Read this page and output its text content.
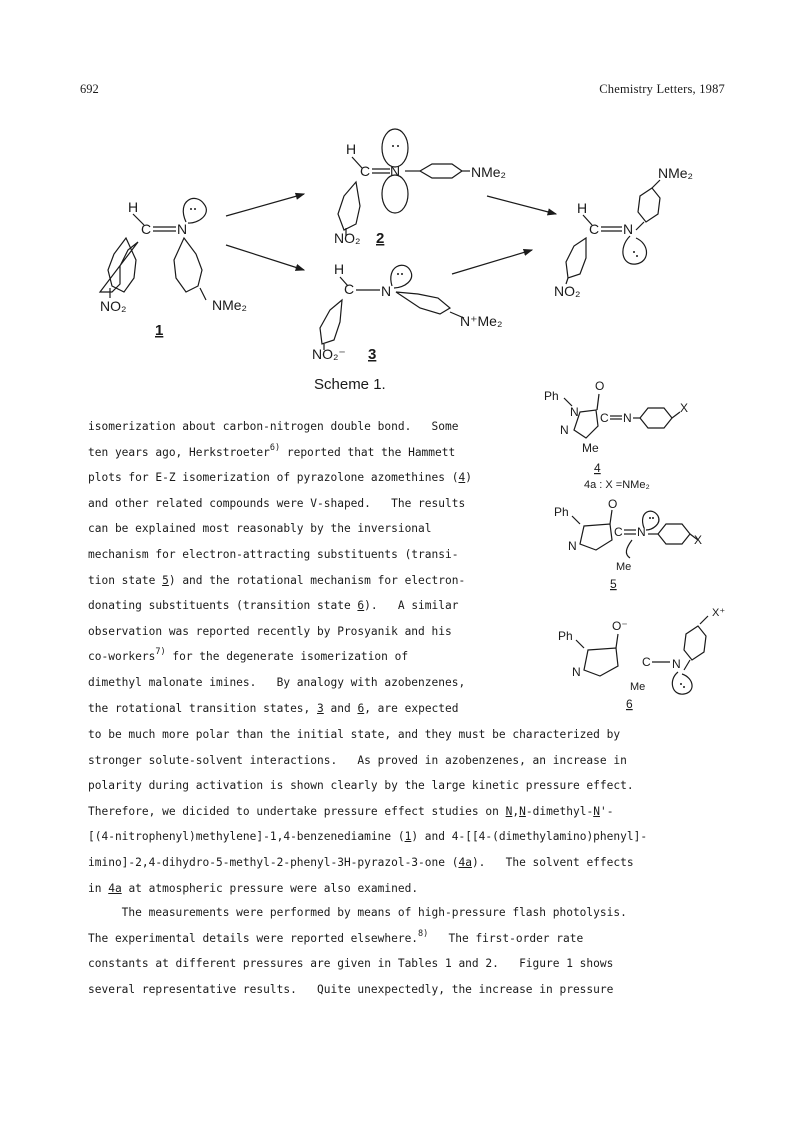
692	Chemistry Letters, 1987
H
C N
NO₂	NMe₂
1
H
C N	NMe₂
NO₂ 2
H
C N
N⁺Me₂
NO₂⁻ 3
NMe₂
H
C N
NO₂
Scheme 1.
Ph
O
N
N
C N
X
Me
4
4a : X =NMe₂
Ph
O
N
C N
X
Me
5
X⁺
Ph
O⁻
N
C N
Me
6
isomerization about carbon-nitrogen double bond.   Some
ten years ago, Herkstroeter$^{6)}$ reported that the Hammett
plots for E-Z isomerization of pyrazolone azomethines (4)
and other related compounds were V-shaped.   The results
can be explained most reasonably by the inversional
mechanism for electron-attracting substituents (transi-
tion state 5) and the rotational mechanism for electron-
donating substituents (transition state 6).   A similar
observation was reported recently by Prosyanik and his
co-workers$^{7)}$ for the degenerate isomerization of
dimethyl malonate imines.   By analogy with azobenzenes,
the rotational transition states, 3 and 6, are expected
to be much more polar than the initial state, and they must be characterized by
stronger solute-solvent interactions.   As proved in azobenzenes, an increase in
polarity during activation is shown clearly by the large kinetic pressure effect.
Therefore, we dicided to undertake pressure effect studies on N,N-dimethyl-N'-
[(4-nitrophenyl)methylene]-1,4-benzenediamine (1) and 4-[[4-(dimethylamino)phenyl]-
imino]-2,4-dihydro-5-methyl-2-phenyl-3H-pyrazol-3-one (4a).   The solvent effects
in 4a at atmospheric pressure were also examined.
The measurements were performed by means of high-pressure flash photolysis.
The experimental details were reported elsewhere.$^{8)}$   The first-order rate
constants at different pressures are given in Tables 1 and 2.   Figure 1 shows
several representative results.   Quite unexpectedly, the increase in pressure
